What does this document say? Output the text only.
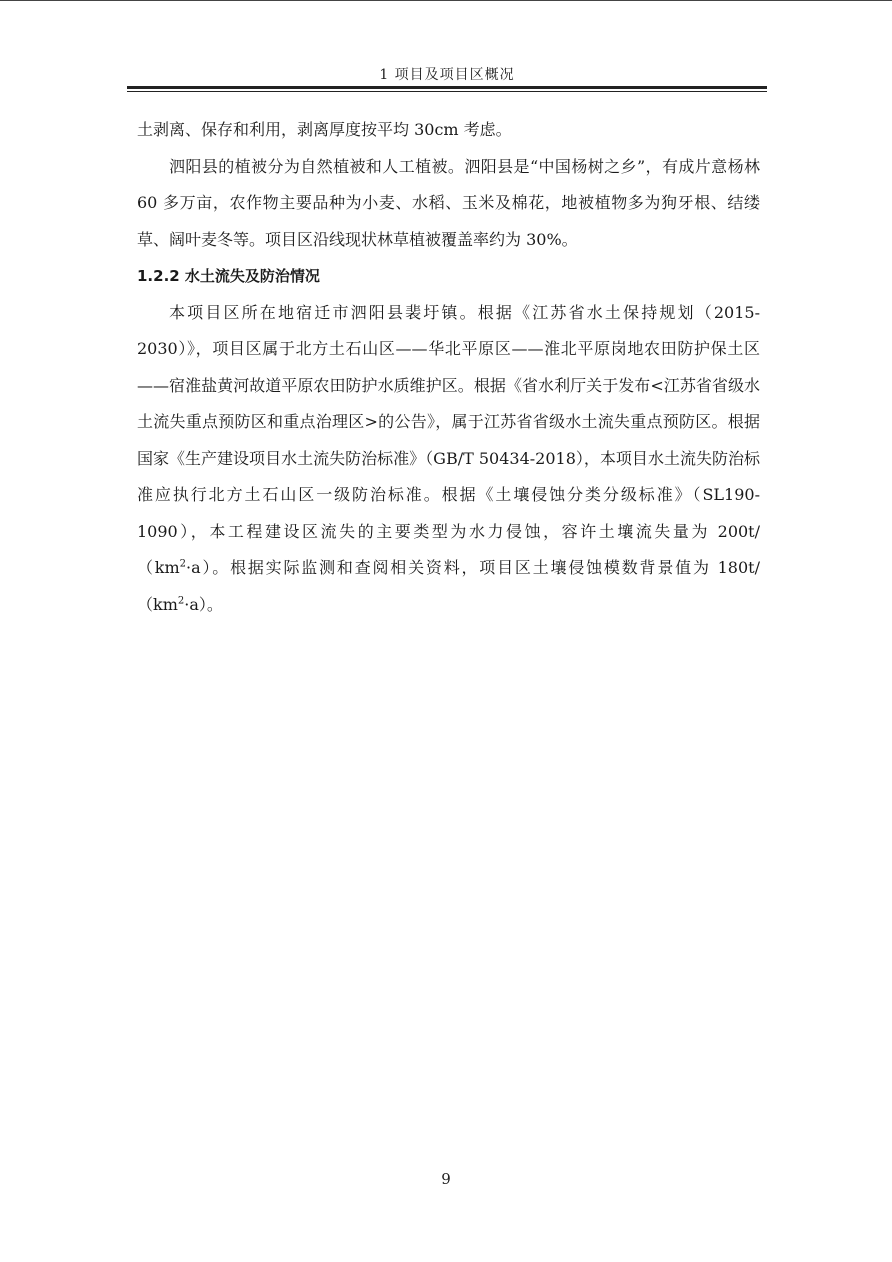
1 项目及项目区概况

土剥离、保存和利用，剥离厚度按平均 30cm 考虑。

泗阳县的植被分为自然植被和人工植被。泗阳县是“中国杨树之乡”，有成片意杨林 60 多万亩，农作物主要品种为小麦、水稻、玉米及棉花，地被植物多为狗牙根、结缕草、阔叶麦冬等。项目区沿线现状林草植被覆盖率约为 30%。

1.2.2 水土流失及防治情况

本项目区所在地宿迁市泗阳县裴圩镇。根据《江苏省水土保持规划（2015-2030）》，项目区属于北方土石山区——华北平原区——淮北平原岗地农田防护保土区——宿淮盐黄河故道平原农田防护水质维护区。根据《省水利厅关于发布<江苏省省级水土流失重点预防区和重点治理区>的公告》，属于江苏省省级水土流失重点预防区。根据国家《生产建设项目水土流失防治标准》（GB/T 50434-2018），本项目水土流失防治标准应执行北方土石山区一级防治标准。根据《土壤侵蚀分类分级标准》（SL190-1090），本工程建设区流失的主要类型为水力侵蚀，容许土壤流失量为 $200t/(km^2\cdot a)$。根据实际监测和查阅相关资料，项目区土壤侵蚀模数背景值为 $180t/(km^2\cdot a)$。

9
